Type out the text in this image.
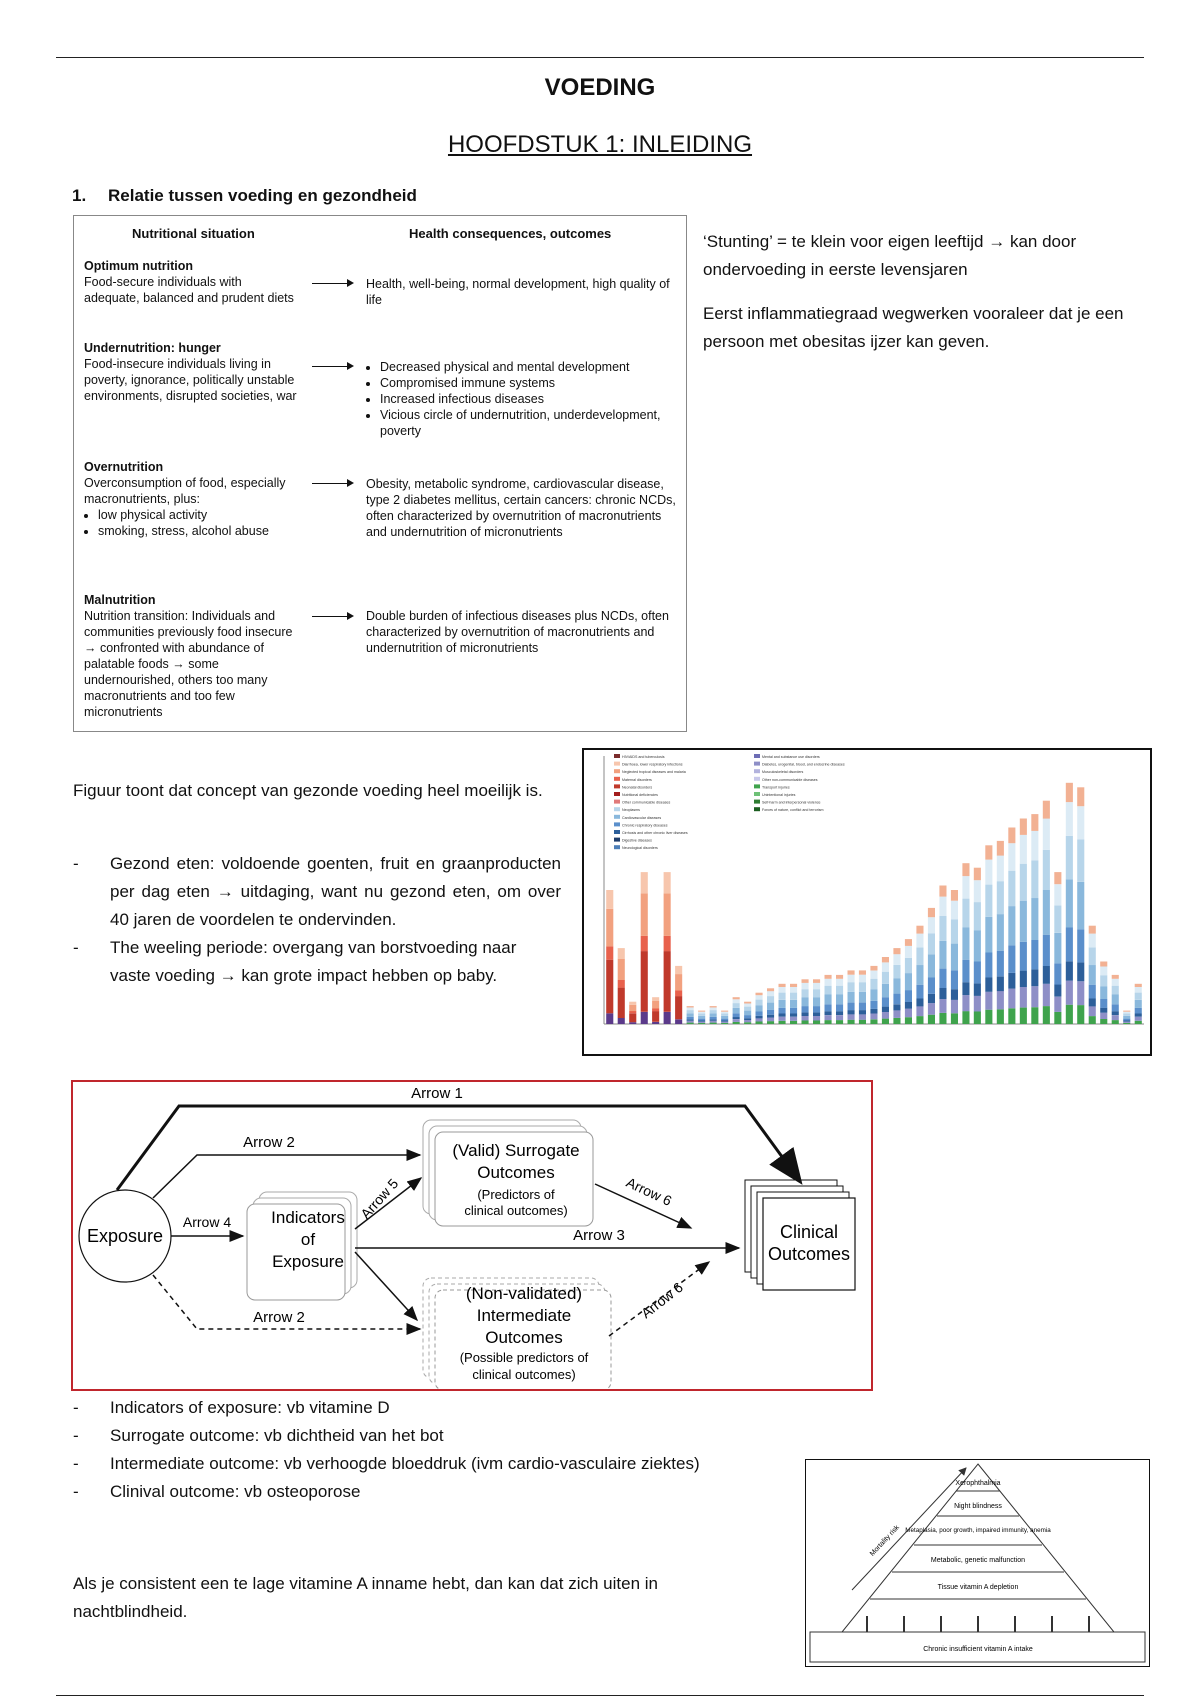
VOEDING
HOOFDSTUK 1: INLEIDING
1. Relatie tussen voeding en gezondheid
Nutritional situation	Health consequences, outcomes
Optimum nutrition
Food-secure individuals with adequate, balanced and prudent diets
Health, well-being, normal development, high quality of life
Undernutrition: hunger
Food-insecure individuals living in poverty, ignorance, politically unstable environments, disrupted societies, war
• Decreased physical and mental development
• Compromised immune systems
• Increased infectious diseases
• Vicious circle of undernutrition, underdevelopment, poverty
Overnutrition
Overconsumption of food, especially macronutrients, plus:
• low physical activity
• smoking, stress, alcohol abuse
Obesity, metabolic syndrome, cardiovascular disease, type 2 diabetes mellitus, certain cancers: chronic NCDs, often characterized by overnutrition of macronutrients and undernutrition of micronutrients
Malnutrition
Nutrition transition: Individuals and communities previously food insecure → confronted with abundance of palatable foods → some undernourished, others too many macronutrients and too few micronutrients
Double burden of infectious diseases plus NCDs, often characterized by overnutrition of macronutrients and undernutrition of micronutrients
‘Stunting’ = te klein voor eigen leeftijd → kan door ondervoeding in eerste levensjaren
Eerst inflammatiegraad wegwerken vooraleer dat je een persoon met obesitas ijzer kan geven.
Figuur toont dat concept van gezonde voeding heel moeilijk is.
- Gezond eten: voldoende goenten, fruit en graanproducten per dag eten → uitdaging, want nu gezond eten, om over 40 jaren de voordelen te ondervinden.
- The weeling periode: overgang van borstvoeding naar vaste voeding → kan grote impact hebben op baby.
HIV/AIDS and tuberculosis
Diarrhoea, lower respiratory infections
Neglected tropical diseases and malaria
Maternal disorders
Neonatal disorders
Nutritional deficiencies
Other communicable diseases
Neoplasms
Cardiovascular diseases
Chronic respiratory diseases
Cirrhosis and other chronic liver diseases
Digestive diseases
Neurological disorders
Mental and substance use disorders
Diabetes, urogenital, blood, and endocrine diseases
Musculoskeletal disorders
Other non-communicable diseases
Transport injuries
Unintentional injuries
Self-harm and interpersonal violence
Forces of nature, conflict and terrorism
Exposure
Indicators
of
Exposure
(Valid) Surrogate
Outcomes
(Predictors of
clinical outcomes)
(Non-validated)
Intermediate
Outcomes
(Possible predictors of
clinical outcomes)
Clinical
Outcomes
Arrow 1
Arrow 2
Arrow 4
Arrow 5
Arrow 3
Arrow 6
Arrow 6
Arrow 2
- Indicators of exposure: vb vitamine D
- Surrogate outcome: vb dichtheid van het bot
- Intermediate outcome: vb verhoogde bloeddruk (ivm cardio-vasculaire ziektes)
- Clinival outcome: vb osteoporose
Als je consistent een te lage vitamine A inname hebt, dan kan dat zich uiten in nachtblindheid.
Xerophthalmia
Night blindness
Metaplasia, poor growth, impaired immunity, anemia
Metabolic, genetic malfunction
Tissue vitamin A depletion
Chronic insufficient vitamin A intake
Mortality risk
